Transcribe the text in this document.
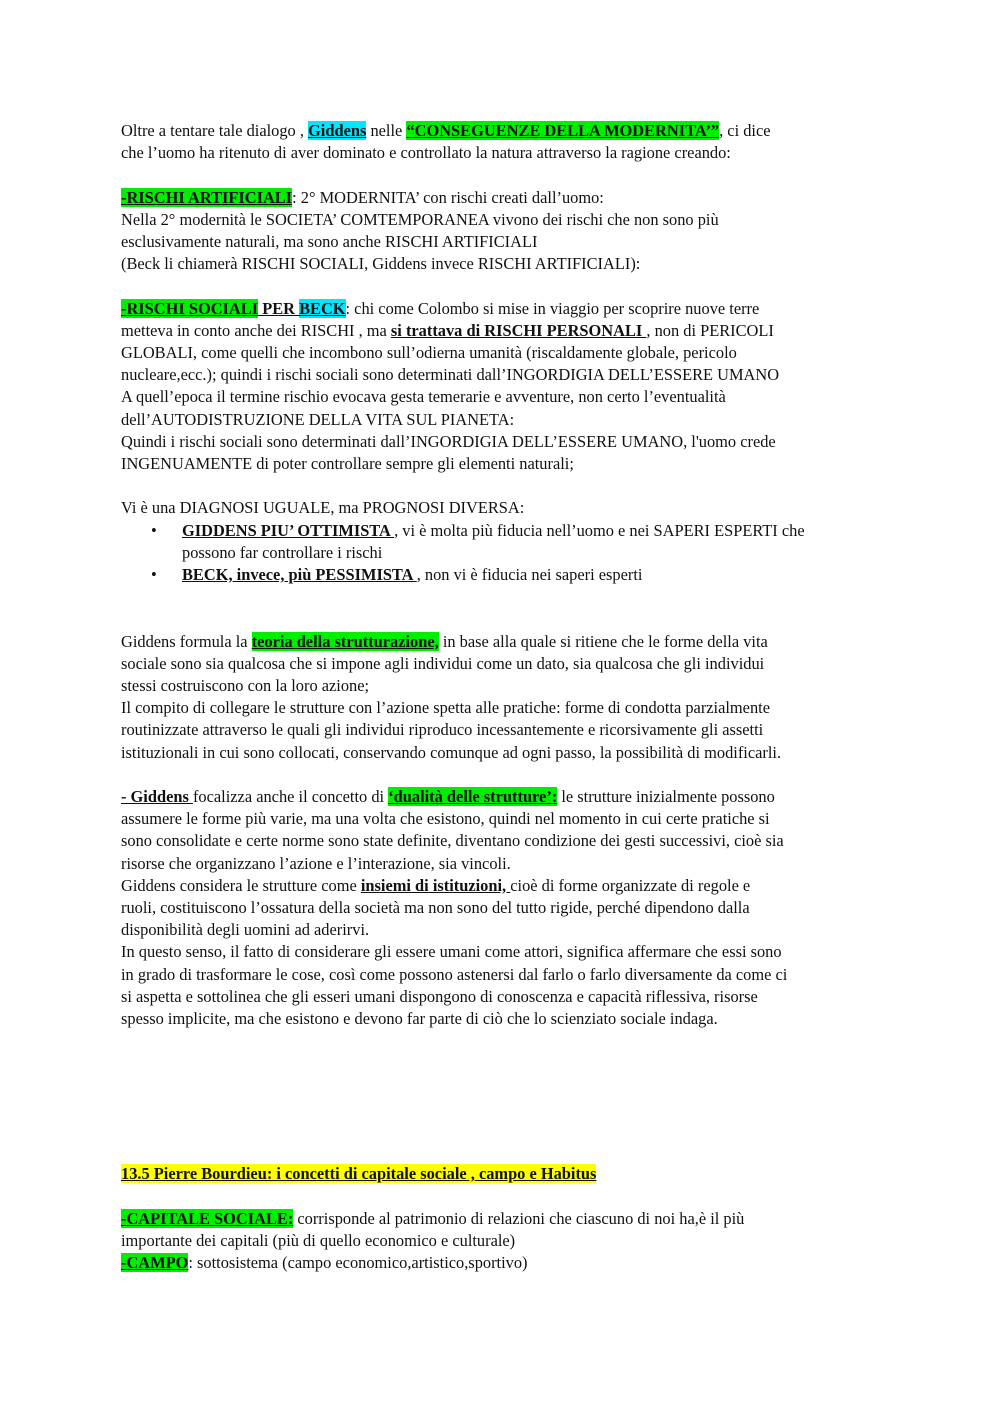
Oltre a tentare tale dialogo , Giddens nelle “CONSEGUENZE DELLA MODERNITA’”, ci dice

che l’uomo ha ritenuto di aver dominato e controllato la natura attraverso la ragione creando:

-RISCHI ARTIFICIALI: 2° MODERNITA’ con rischi creati dall’uomo:

Nella 2° modernità le SOCIETA’ COMTEMPORANEA vivono dei rischi che non sono più

esclusivamente naturali, ma sono anche RISCHI ARTIFICIALI

(Beck li chiamerà RISCHI SOCIALI, Giddens invece RISCHI ARTIFICIALI):

-RISCHI SOCIALI PER BECK: chi come Colombo si mise in viaggio per scoprire nuove terre

metteva in conto anche dei RISCHI , ma si trattava di RISCHI PERSONALI , non di PERICOLI

GLOBALI, come quelli che incombono sull’odierna umanità (riscaldamente globale, pericolo

nucleare,ecc.); quindi i rischi sociali sono determinati dall’INGORDIGIA DELL’ESSERE UMANO

A quell’epoca il termine rischio evocava gesta temerarie e avventure, non certo l’eventualità

dell’AUTODISTRUZIONE DELLA VITA SUL PIANETA:

Quindi i rischi sociali sono determinati dall’INGORDIGIA DELL’ESSERE UMANO, l'uomo crede

INGENUAMENTE di poter controllare sempre gli elementi naturali;

Vi è una DIAGNOSI UGUALE, ma PROGNOSI DIVERSA:

• GIDDENS PIU’ OTTIMISTA , vi è molta più fiducia nell’uomo e nei SAPERI ESPERTI che
possono far controllare i rischi
• BECK, invece, più PESSIMISTA , non vi è fiducia nei saperi esperti

Giddens formula la teoria della strutturazione, in base alla quale si ritiene che le forme della vita

sociale sono sia qualcosa che si impone agli individui come un dato, sia qualcosa che gli individui

stessi costruiscono con la loro azione;

Il compito di collegare le strutture con l’azione spetta alle pratiche: forme di condotta parzialmente

routinizzate attraverso le quali gli individui riproduco incessantemente e ricorsivamente gli assetti

istituzionali in cui sono collocati, conservando comunque ad ogni passo, la possibilità di modificarli.

- Giddens focalizza anche il concetto di ‘dualità delle strutture’: le strutture inizialmente possono

assumere le forme più varie, ma una volta che esistono, quindi nel momento in cui certe pratiche si

sono consolidate e certe norme sono state definite, diventano condizione dei gesti successivi, cioè sia

risorse che organizzano l’azione e l’interazione, sia vincoli.

Giddens considera le strutture come insiemi di istituzioni, cioè di forme organizzate di regole e

ruoli, costituiscono l’ossatura della società ma non sono del tutto rigide, perché dipendono dalla

disponibilità degli uomini ad aderirvi.

In questo senso, il fatto di considerare gli essere umani come attori, significa affermare che essi sono

in grado di trasformare le cose, così come possono astenersi dal farlo o farlo diversamente da come ci

si aspetta e sottolinea che gli esseri umani dispongono di conoscenza e capacità riflessiva, risorse

spesso implicite, ma che esistono e devono far parte di ciò che lo scienziato sociale indaga.

13.5 Pierre Bourdieu: i concetti di capitale sociale , campo e Habitus

-CAPITALE SOCIALE: corrisponde al patrimonio di relazioni che ciascuno di noi ha,è il più

importante dei capitali (più di quello economico e culturale)

-CAMPO: sottosistema (campo economico,artistico,sportivo)
